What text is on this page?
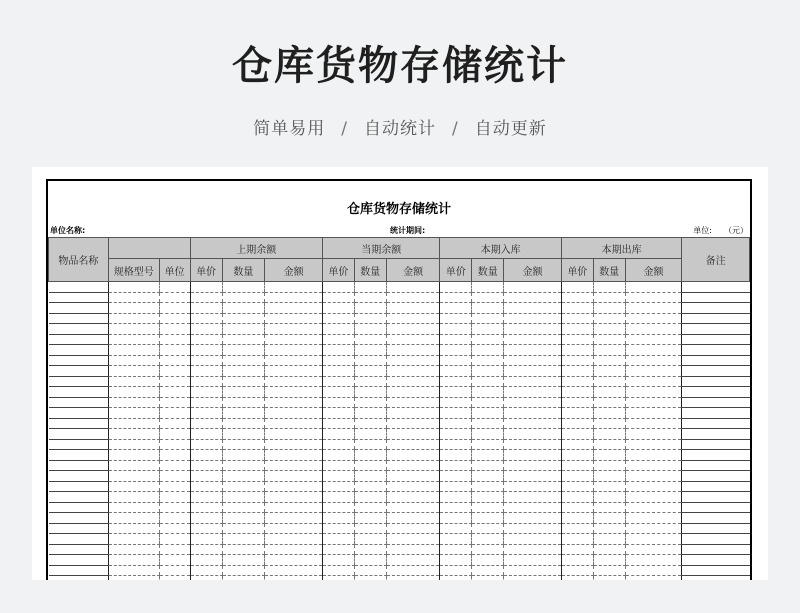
仓库货物存储统计
简单易用 / 自动统计 / 自动更新
仓库货物存储统计
单位名称:	统计期间:	单位: （元）
物品名称			上期余额			当期余额			本期入库			本期出库			备注
	规格型号	单位	单价	数量	金额	单价	数量	金额	单价	数量	金额	单价	数量	金额	
